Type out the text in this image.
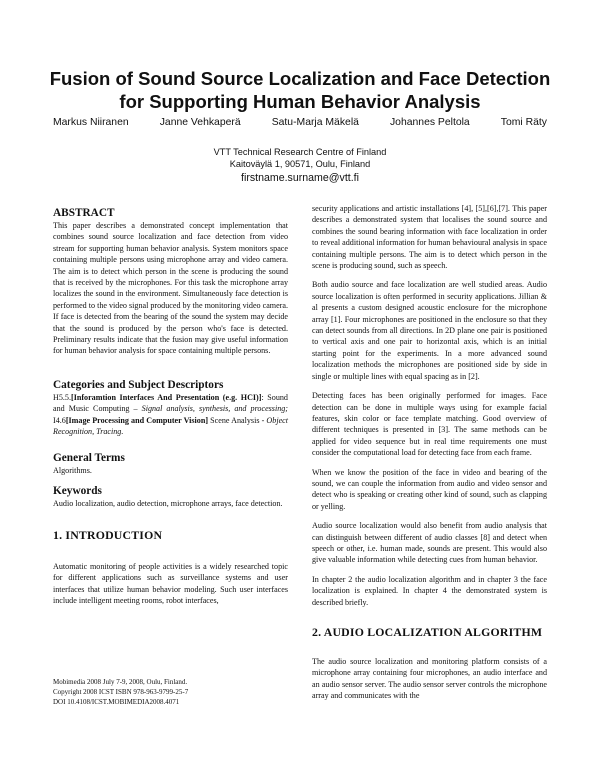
Fusion of Sound Source Localization and Face Detection
for Supporting Human Behavior Analysis
Markus Niiranen	Janne Vehkaperä	Satu-Marja Mäkelä	Johannes Peltola	Tomi Räty
VTT Technical Research Centre of Finland
Kaitoväylä 1, 90571, Oulu, Finland
firstname.surname@vtt.fi
ABSTRACT
This paper describes a demonstrated concept implementation that combines sound source localization and face detection from video stream for supporting human behavior analysis. System monitors space containing multiple persons using microphone array and video camera. The aim is to detect which person in the scene is producing the sound that is received by the microphones. For this task the microphone array localizes the sound in the environment. Simultaneously face detection is performed to the video signal produced by the monitoring video camera. If face is detected from the bearing of the sound the system may decide that the sound is produced by the person who's face is detected. Preliminary results indicate that the fusion may give useful information for human behavior analysis for space containing multiple persons.
Categories and Subject Descriptors
H5.5.[Inforamtion Interfaces And Presentation (e.g. HCI)]: Sound and Music Computing – Signal analysis, synthesis, and processing; I4.6[Image Processing and Computer Vision] Scene Analysis - Object Recognition, Tracing.
General Terms
Algorithms.
Keywords
Audio localization, audio detection, microphone arrays, face detection.
1. INTRODUCTION
Automatic monitoring of people activities is a widely researched topic for different applications such as surveillance systems and user interfaces that utilize human behavior modeling. Such user interfaces include intelligent meeting rooms, robot interfaces,
Mobimedia 2008 July 7-9, 2008, Oulu, Finland.
Copyright 2008 ICST ISBN 978-963-9799-25-7
DOI 10.4108/ICST.MOBIMEDIA2008.4071

security applications and artistic installations [4], [5],[6],[7]. This paper describes a demonstrated system that localises the sound source and combines the sound bearing information with face localization in order to reveal additional information for human behavioural analysis in space containing multiple persons. The aim is to detect which person in the scene is producing sound, such as speech.

Both audio source and face localization are well studied areas. Audio source localization is often performed in security applications. Jillian & al presents a custom designed acoustic enclosure for the microphone array [1]. Four microphones are positioned in the enclosure so that they can detect sounds from all directions. In 2D plane one pair is positioned to vertical axis and one pair to horizontal axis, which is an initial starting point for the experiments. In a more advanced sound localization methods the microphones are positioned side by side in single or multiple lines with equal spacing as in [2].

Detecting faces has been originally performed for images. Face detection can be done in multiple ways using for example facial features, skin color or face template matching. Good overview of different techniques is presented in [3]. The same methods can be applied for video sequence but in real time requirements one must consider the computational load for detecting face from each frame.

When we know the position of the face in video and bearing of the sound, we can couple the information from audio and video sensor and detect who is speaking or creating other kind of sound, such as clapping or yelling.

Audio source localization would also benefit from audio analysis that can distinguish between different of audio classes [8] and detect when speech or other, i.e. human made, sounds are present. This would also give valuable information while detecting cues from human behavior.

In chapter 2 the audio localization algorithm and in chapter 3 the face localization is explained. In chapter 4 the demonstrated system is described briefly.

2. AUDIO LOCALIZATION ALGORITHM
The audio source localization and monitoring platform consists of a microphone array containing four microphones, an audio interface and an audio sensor server. The audio sensor server controls the microphone array and communicates with the
